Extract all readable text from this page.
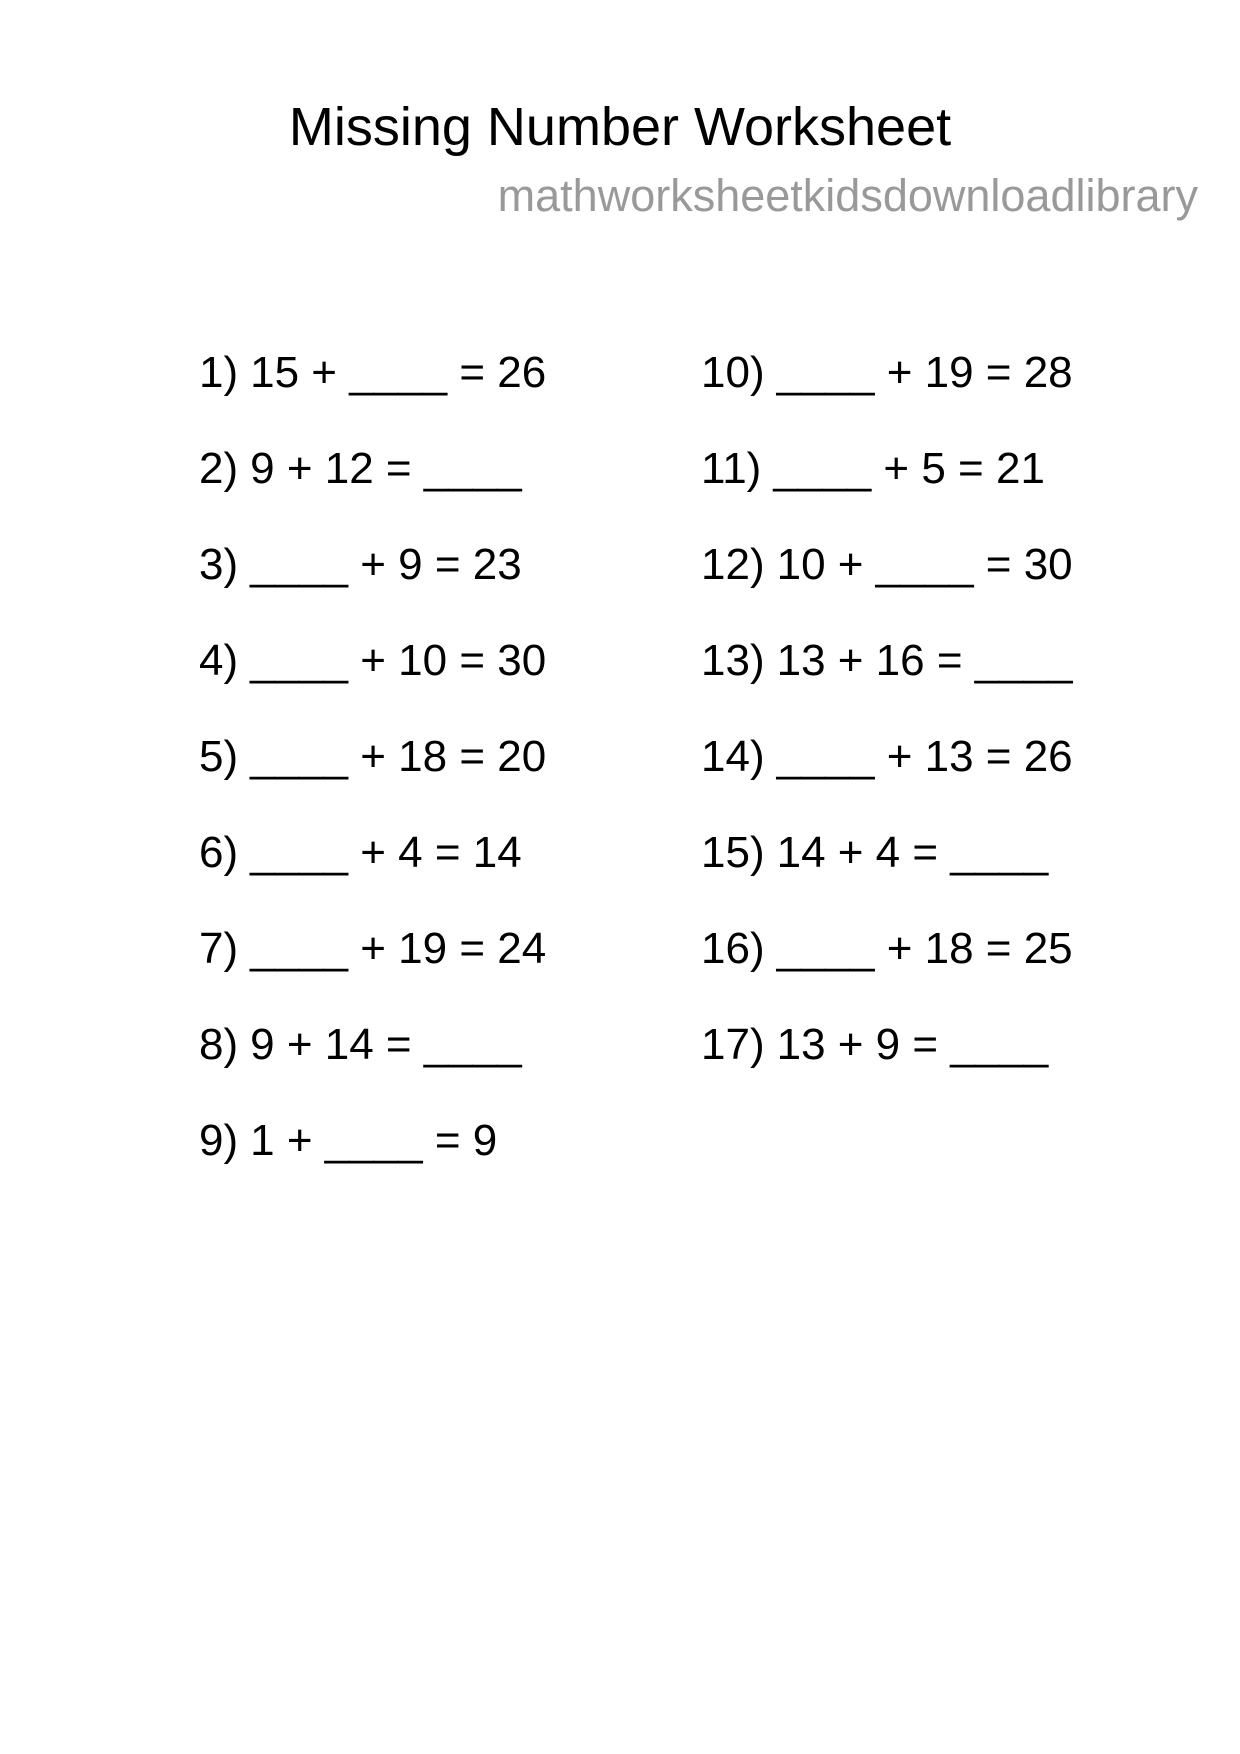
Missing Number Worksheet
mathworksheetkidsdownloadlibrary
1) 15 + ____ = 26
2) 9 + 12 = ____
3) ____ + 9 = 23
4) ____ + 10 = 30
5) ____ + 18 = 20
6) ____ + 4 = 14
7) ____ + 19 = 24
8) 9 + 14 = ____
9) 1 + ____ = 9
10) ____ + 19 = 28
11) ____ + 5 = 21
12) 10 + ____ = 30
13) 13 + 16 = ____
14) ____ + 13 = 26
15) 14 + 4 = ____
16) ____ + 18 = 25
17) 13 + 9 = ____
